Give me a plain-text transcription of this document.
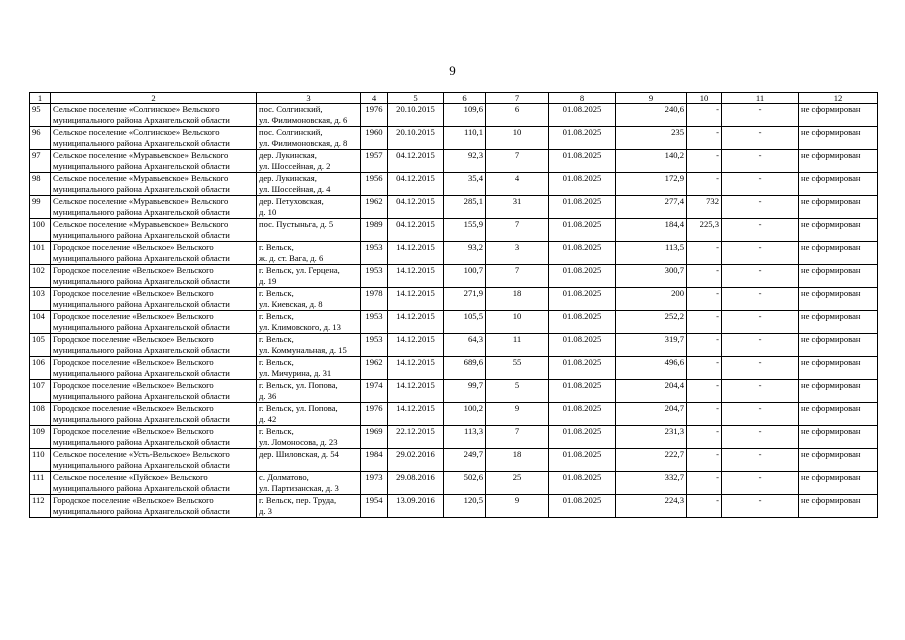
9
1	2	3	4	5	6	7	8	9	10	11	12
95	Сельское поселение «Солгинское» Вельского
муниципального района Архангельской области	пос. Солгинский,
ул. Филимоновская, д. 6	1976	20.10.2015	109,6	6	01.08.2025	240,6	-	-	не сформирован
96	Сельское поселение «Солгинское» Вельского
муниципального района Архангельской области	пос. Солгинский,
ул. Филимоновская, д. 8	1960	20.10.2015	110,1	10	01.08.2025	235	-	-	не сформирован
97	Сельское поселение «Муравьевское» Вельского
муниципального района Архангельской области	дер. Лукинская,
ул. Шоссейная, д. 2	1957	04.12.2015	92,3	7	01.08.2025	140,2	-	-	не сформирован
98	Сельское поселение «Муравьевское» Вельского
муниципального района Архангельской области	дер. Лукинская,
ул. Шоссейная, д. 4	1956	04.12.2015	35,4	4	01.08.2025	172,9	-	-	не сформирован
99	Сельское поселение «Муравьевское» Вельского
муниципального района Архангельской области	дер. Петуховская,
д. 10	1962	04.12.2015	285,1	31	01.08.2025	277,4	732	-	не сформирован
100	Сельское поселение «Муравьевское» Вельского
муниципального района Архангельской области	пос. Пустыньга, д. 5	1989	04.12.2015	155,9	7	01.08.2025	184,4	225,3	-	не сформирован
101	Городское поселение «Вельское» Вельского
муниципального района Архангельской области	г. Вельск,
ж. д. ст. Вага, д. 6	1953	14.12.2015	93,2	3	01.08.2025	113,5	-	-	не сформирован
102	Городское поселение «Вельское» Вельского
муниципального района Архангельской области	г. Вельск, ул. Герцена,
д. 19	1953	14.12.2015	100,7	7	01.08.2025	300,7	-	-	не сформирован
103	Городское поселение «Вельское» Вельского
муниципального района Архангельской области	г. Вельск,
ул. Киевская, д. 8	1978	14.12.2015	271,9	18	01.08.2025	200	-	-	не сформирован
104	Городское поселение «Вельское» Вельского
муниципального района Архангельской области	г. Вельск,
ул. Климовского, д. 13	1953	14.12.2015	105,5	10	01.08.2025	252,2	-	-	не сформирован
105	Городское поселение «Вельское» Вельского
муниципального района Архангельской области	г. Вельск,
ул. Коммунальная, д. 15	1953	14.12.2015	64,3	11	01.08.2025	319,7	-	-	не сформирован
106	Городское поселение «Вельское» Вельского
муниципального района Архангельской области	г. Вельск,
ул. Мичурина, д. 31	1962	14.12.2015	689,6	55	01.08.2025	496,6	-	-	не сформирован
107	Городское поселение «Вельское» Вельского
муниципального района Архангельской области	г. Вельск, ул. Попова,
д. 36	1974	14.12.2015	99,7	5	01.08.2025	204,4	-	-	не сформирован
108	Городское поселение «Вельское» Вельского
муниципального района Архангельской области	г. Вельск, ул. Попова,
д. 42	1976	14.12.2015	100,2	9	01.08.2025	204,7	-	-	не сформирован
109	Городское поселение «Вельское» Вельского
муниципального района Архангельской области	г. Вельск,
ул. Ломоносова, д. 23	1969	22.12.2015	113,3	7	01.08.2025	231,3	-	-	не сформирован
110	Сельское поселение «Усть-Вельское» Вельского
муниципального района Архангельской области	дер. Шиловская, д. 54	1984	29.02.2016	249,7	18	01.08.2025	222,7	-	-	не сформирован
111	Сельское поселение «Пуйское» Вельского
муниципального района Архангельской области	с. Долматово,
ул. Партизанская, д. 3	1973	29.08.2016	502,6	25	01.08.2025	332,7	-	-	не сформирован
112	Городское поселение «Вельское» Вельского
муниципального района Архангельской области	г. Вельск, пер. Труда,
д. 3	1954	13.09.2016	120,5	9	01.08.2025	224,3	-	-	не сформирован
